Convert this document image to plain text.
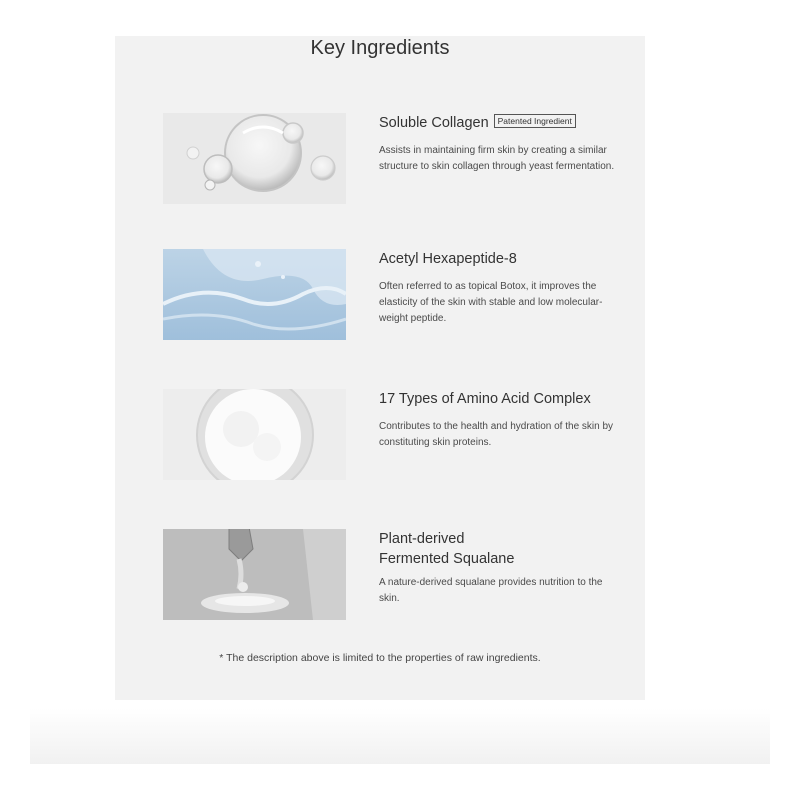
Key Ingredients
Soluble Collagen Patented Ingredient
Assists in maintaining firm skin by creating a similar structure to skin collagen through yeast fermentation.
Acetyl Hexapeptide-8
Often referred to as topical Botox, it improves the elasticity of the skin with stable and low molecular-weight peptide.
17 Types of Amino Acid Complex
Contributes to the health and hydration of the skin by constituting skin proteins.
Plant-derived
Fermented Squalane
A nature-derived squalane provides nutrition to the skin.
* The description above is limited to the properties of raw ingredients.
